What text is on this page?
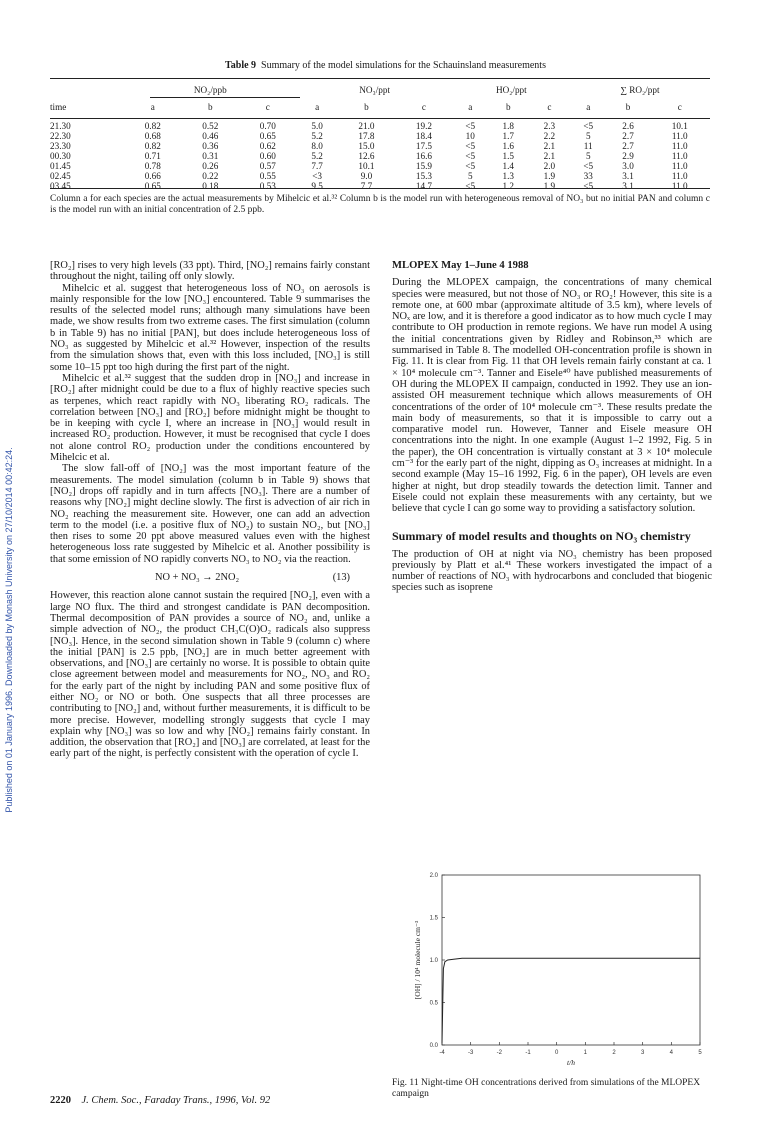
Table 9 Summary of the model simulations for the Schauinsland measurements
	NO₂/ppb			NO₃/ppt			HO₂/ppt			∑ RO₂/ppt		
time	a	b	c	a	b	c	a	b	c	a	b	c
21.30	0.82	0.52	0.70	5.0	21.0	19.2	<5	1.8	2.3	<5	2.6	10.1
22.30	0.68	0.46	0.65	5.2	17.8	18.4	10	1.7	2.2	5	2.7	11.0
23.30	0.82	0.36	0.62	8.0	15.0	17.5	<5	1.6	2.1	11	2.7	11.0
00.30	0.71	0.31	0.60	5.2	12.6	16.6	<5	1.5	2.1	5	2.9	11.0
01.45	0.78	0.26	0.57	7.7	10.1	15.9	<5	1.4	2.0	<5	3.0	11.0
02.45	0.66	0.22	0.55	<3	9.0	15.3	5	1.3	1.9	33	3.1	11.0
03.45	0.65	0.18	0.53	9.5	7.7	14.7	<5	1.2	1.9	<5	3.1	11.0
Column a for each species are the actual measurements by Mihelcic et al.³² Column b is the model run with heterogeneous removal of NO₃ but no initial PAN and column c is the model run with an initial concentration of 2.5 ppb.
Published on 01 January 1996. Downloaded by Monash University on 27/10/2014 00:42:24.

[RO₂] rises to very high levels (33 ppt). Third, [NO₂] remains fairly constant throughout the night, tailing off only slowly.

Mihelcic et al. suggest that heterogeneous loss of NO₃ on aerosols is mainly responsible for the low [NO₃] encountered. Table 9 summarises the results of the selected model runs; although many simulations have been made, we show results from two extreme cases. The first simulation (column b in Table 9) has no initial [PAN], but does include heterogeneous loss of NO₃ as suggested by Mihelcic et al.³² However, inspection of the results from the simulation shows that, even with this loss included, [NO₃] is still some 10–15 ppt too high during the first part of the night.

Mihelcic et al.³² suggest that the sudden drop in [NO₃] and increase in [RO₂] after midnight could be due to a flux of highly reactive species such as terpenes, which react rapidly with NO₃ liberating RO₂ radicals. The correlation between [NO₃] and [RO₂] before midnight might be thought to be in keeping with cycle I, where an increase in [NO₃] would result in increased RO₂ production. However, it must be recognised that cycle I does not alone control RO₂ production under the conditions encountered by Mihelcic et al.

The slow fall-off of [NO₂] was the most important feature of the measurements. The model simulation (column b in Table 9) shows that [NO₂] drops off rapidly and in turn affects [NO₃]. There are a number of reasons why [NO₂] might decline slowly. The first is advection of air rich in NO₂ reaching the measurement site. However, one can add an advection term to the model (i.e. a positive flux of NO₂) to sustain NO₂, but [NO₃] then rises to some 20 ppt above measured values even with the highest heterogeneous loss rate suggested by Mihelcic et al. Another possibility is that some emission of NO rapidly converts NO₃ to NO₂ via the reaction.

NO + NO₃ → 2NO₂	(13)

However, this reaction alone cannot sustain the required [NO₂], even with a large NO flux. The third and strongest candidate is PAN decomposition. Thermal decomposition of PAN provides a source of NO₂ and, unlike a simple advection of NO₂, the product CH₃C(O)O₂ radicals also suppress [NO₃]. Hence, in the second simulation shown in Table 9 (column c) where the initial [PAN] is 2.5 ppb, [NO₂] are in much better agreement with observations, and [NO₃] are certainly no worse. It is possible to obtain quite close agreement between model and measurements for NO₂, NO₃ and RO₂ for the early part of the night by including PAN and some positive flux of either NO₂ or NO or both. One suspects that all three processes are contributing to [NO₂] and, without further measurements, it is difficult to be more precise. However, modelling strongly suggests that cycle I may explain why [NO₃] was so low and why [NO₂] remains fairly constant. In addition, the observation that [RO₂] and [NO₃] are correlated, at least for the early part of the night, is perfectly consistent with the operation of cycle I.

MLOPEX May 1–June 4 1988

During the MLOPEX campaign, the concentrations of many chemical species were measured, but not those of NO₃ or RO₂! However, this site is a remote one, at 600 mbar (approximate altitude of 3.5 km), where levels of NOₓ are low, and it is therefore a good indicator as to how much cycle I may contribute to OH production in remote regions. We have run model A using the initial concentrations given by Ridley and Robinson,³³ which are summarised in Table 8. The modelled OH-concentration profile is shown in Fig. 11. It is clear from Fig. 11 that OH levels remain fairly constant at ca. 1 × 10⁴ molecule cm⁻³. Tanner and Eisele⁴⁰ have published measurements of OH during the MLOPEX II campaign, conducted in 1992. They use an ion-assisted OH measurement technique which allows measurements of OH concentrations of the order of 10⁴ molecule cm⁻³. These results predate the main body of measurements, so that it is impossible to carry out a comparative model run. However, Tanner and Eisele measure OH concentrations into the night. In one example (August 1–2 1992, Fig. 5 in the paper), the OH concentration is virtually constant at 3 × 10⁴ molecule cm⁻³ for the early part of the night, dipping as O₃ increases at midnight. In a second example (May 15–16 1992, Fig. 6 in the paper), OH levels are even higher at night, but drop steadily towards the detection limit. Tanner and Eisele could not explain these measurements with any certainty, but we believe that cycle I can go some way to providing a satisfactory solution.

Summary of model results and thoughts on NO₃ chemistry

The production of OH at night via NO₃ chemistry has been proposed previously by Platt et al.⁴¹ These workers investigated the impact of a number of reactions of NO₃ with hydrocarbons and concluded that biogenic species such as isoprene

-4	-3	-2	-1	0	1	2	3	4	5
0.0
0.5
1.0
1.5
2.0
t/h
[OH] / 10⁴ molecule cm⁻³
Fig. 11 Night-time OH concentrations derived from simulations of the MLOPEX campaign
2220 J. Chem. Soc., Faraday Trans., 1996, Vol. 92
